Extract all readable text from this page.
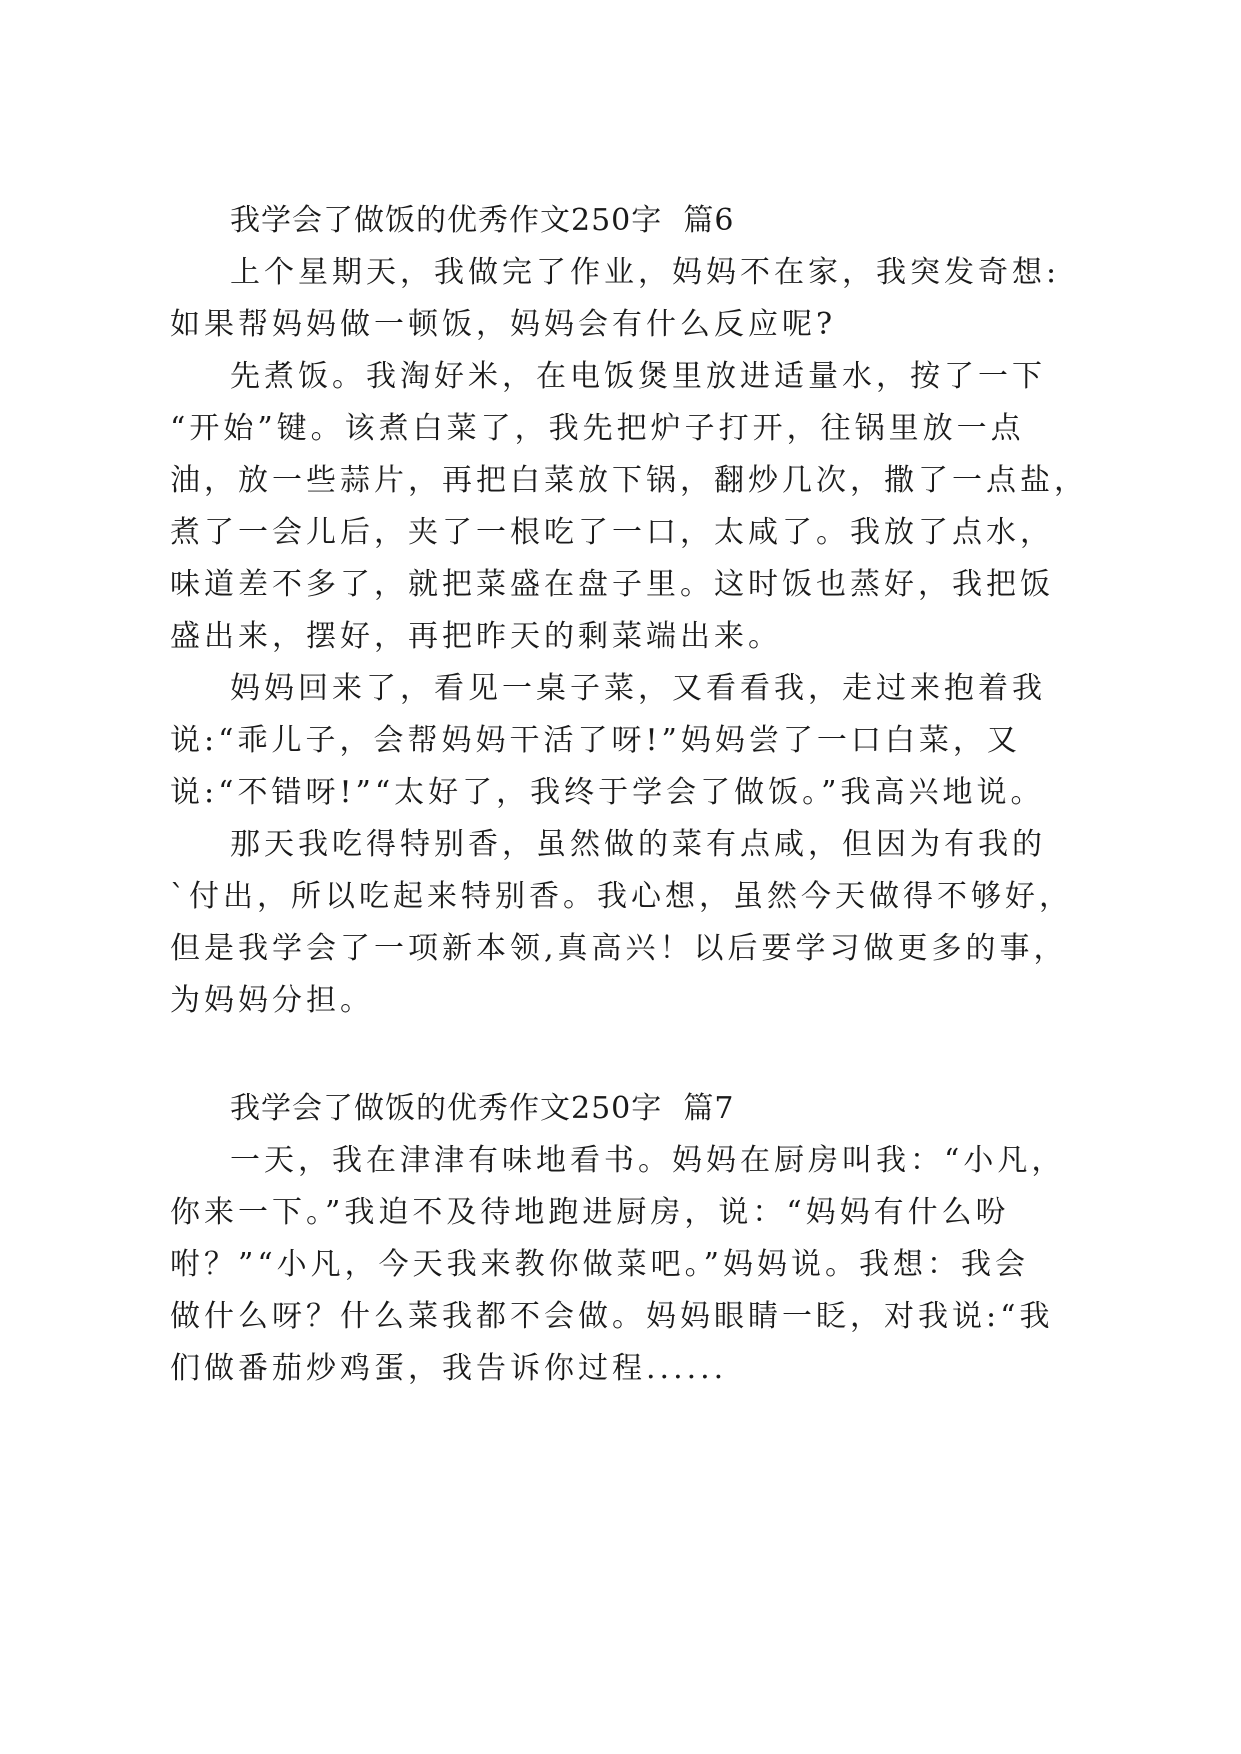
我学会了做饭的优秀作文250字  篇6

上个星期天，我做完了作业，妈妈不在家，我突发奇想:

如果帮妈妈做一顿饭，妈妈会有什么反应呢?

先煮饭。我淘好米，在电饭煲里放进适量水，按了一下

“开始”键。该煮白菜了，我先把炉子打开，往锅里放一点

油，放一些蒜片，再把白菜放下锅，翻炒几次，撒了一点盐，

煮了一会儿后，夹了一根吃了一口，太咸了。我放了点水，

味道差不多了，就把菜盛在盘子里。这时饭也蒸好，我把饭

盛出来，摆好，再把昨天的剩菜端出来。

妈妈回来了，看见一桌子菜，又看看我，走过来抱着我

说:“乖儿子，会帮妈妈干活了呀!”妈妈尝了一口白菜，又

说:“不错呀!”“太好了，我终于学会了做饭。”我高兴地说。

那天我吃得特别香，虽然做的菜有点咸，但因为有我的

`付出，所以吃起来特别香。我心想，虽然今天做得不够好，

但是我学会了一项新本领,真高兴！以后要学习做更多的事，

为妈妈分担。

我学会了做饭的优秀作文250字  篇7

一天，我在津津有味地看书。妈妈在厨房叫我：“小凡，

你来一下。”我迫不及待地跑进厨房，说：“妈妈有什么吩

咐？”“小凡，今天我来教你做菜吧。”妈妈说。我想：我会

做什么呀？什么菜我都不会做。妈妈眼睛一眨，对我说:“我

们做番茄炒鸡蛋，我告诉你过程......
